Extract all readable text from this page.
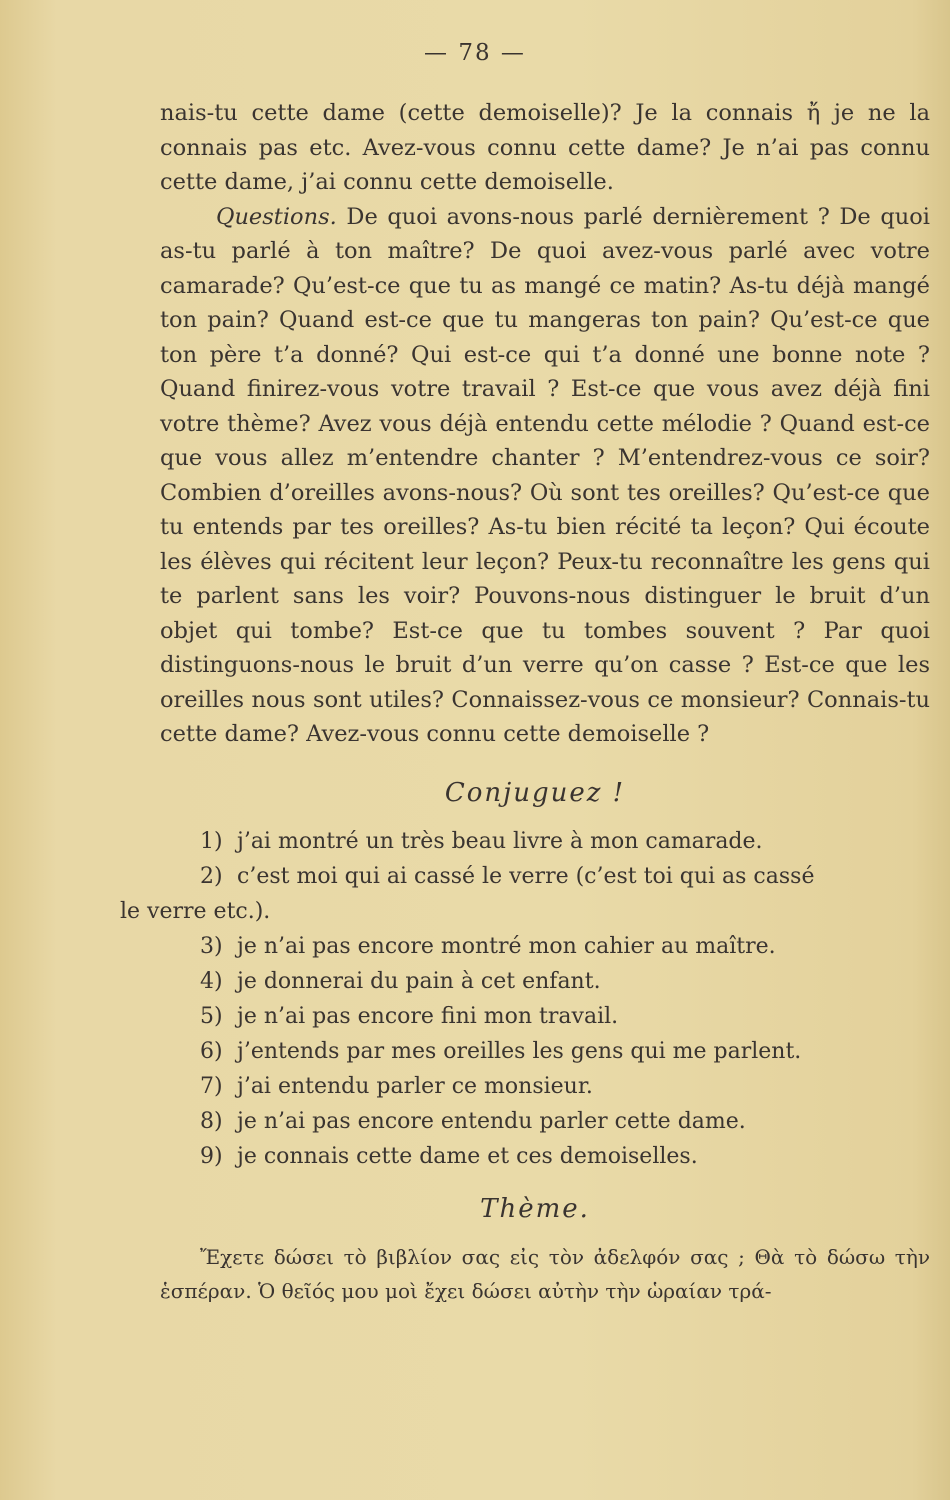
— 78 —

nais-tu cette dame (cette demoiselle)? Je la connais ἤ je ne la connais pas etc. Avez-vous connu cette dame? Je n’ai pas connu cette dame, j’ai connu cette demoiselle.

Questions. De quoi avons-nous parlé dernièrement ? De quoi as-tu parlé à ton maître? De quoi avez-vous parlé avec votre camarade? Qu’est-ce que tu as mangé ce matin? As-tu déjà mangé ton pain? Quand est-ce que tu mangeras ton pain? Qu’est-ce que ton père t’a donné? Qui est-ce qui t’a donné une bonne note ? Quand finirez-vous votre travail ? Est-ce que vous avez déjà fini votre thème? Avez vous déjà entendu cette mélodie ? Quand est-ce que vous allez m’entendre chanter ? M’entendrez-vous ce soir? Combien d’oreilles avons-nous? Où sont tes oreilles? Qu’est-ce que tu entends par tes oreilles? As-tu bien récité ta leçon? Qui écoute les élèves qui récitent leur leçon? Peux-tu reconnaître les gens qui te parlent sans les voir? Pouvons-nous distinguer le bruit d’un objet qui tombe? Est-ce que tu tombes souvent ? Par quoi distinguons-nous le bruit d’un verre qu’on casse ? Est-ce que les oreilles nous sont utiles? Connaissez-vous ce monsieur? Connais-tu cette dame? Avez-vous connu cette demoiselle ?

Conjuguez !
1) j’ai montré un très beau livre à mon camarade.
2) c’est moi qui ai cassé le verre (c’est toi qui as cassé
le verre etc.).
3) je n’ai pas encore montré mon cahier au maître.
4) je donnerai du pain à cet enfant.
5) je n’ai pas encore fini mon travail.
6) j’entends par mes oreilles les gens qui me parlent.
7) j’ai entendu parler ce monsieur.
8) je n’ai pas encore entendu parler cette dame.
9) je connais cette dame et ces demoiselles.
Thème.

Ἔχετε δώσει τὸ βιβλίον σας εἰς τὸν ἀδελφόν σας ; Θὰ τὸ δώσω τὴν ἑσπέραν. Ὁ θεῖός μου μοὶ ἔχει δώσει αὐτὴν τὴν ὡραίαν τρά-
